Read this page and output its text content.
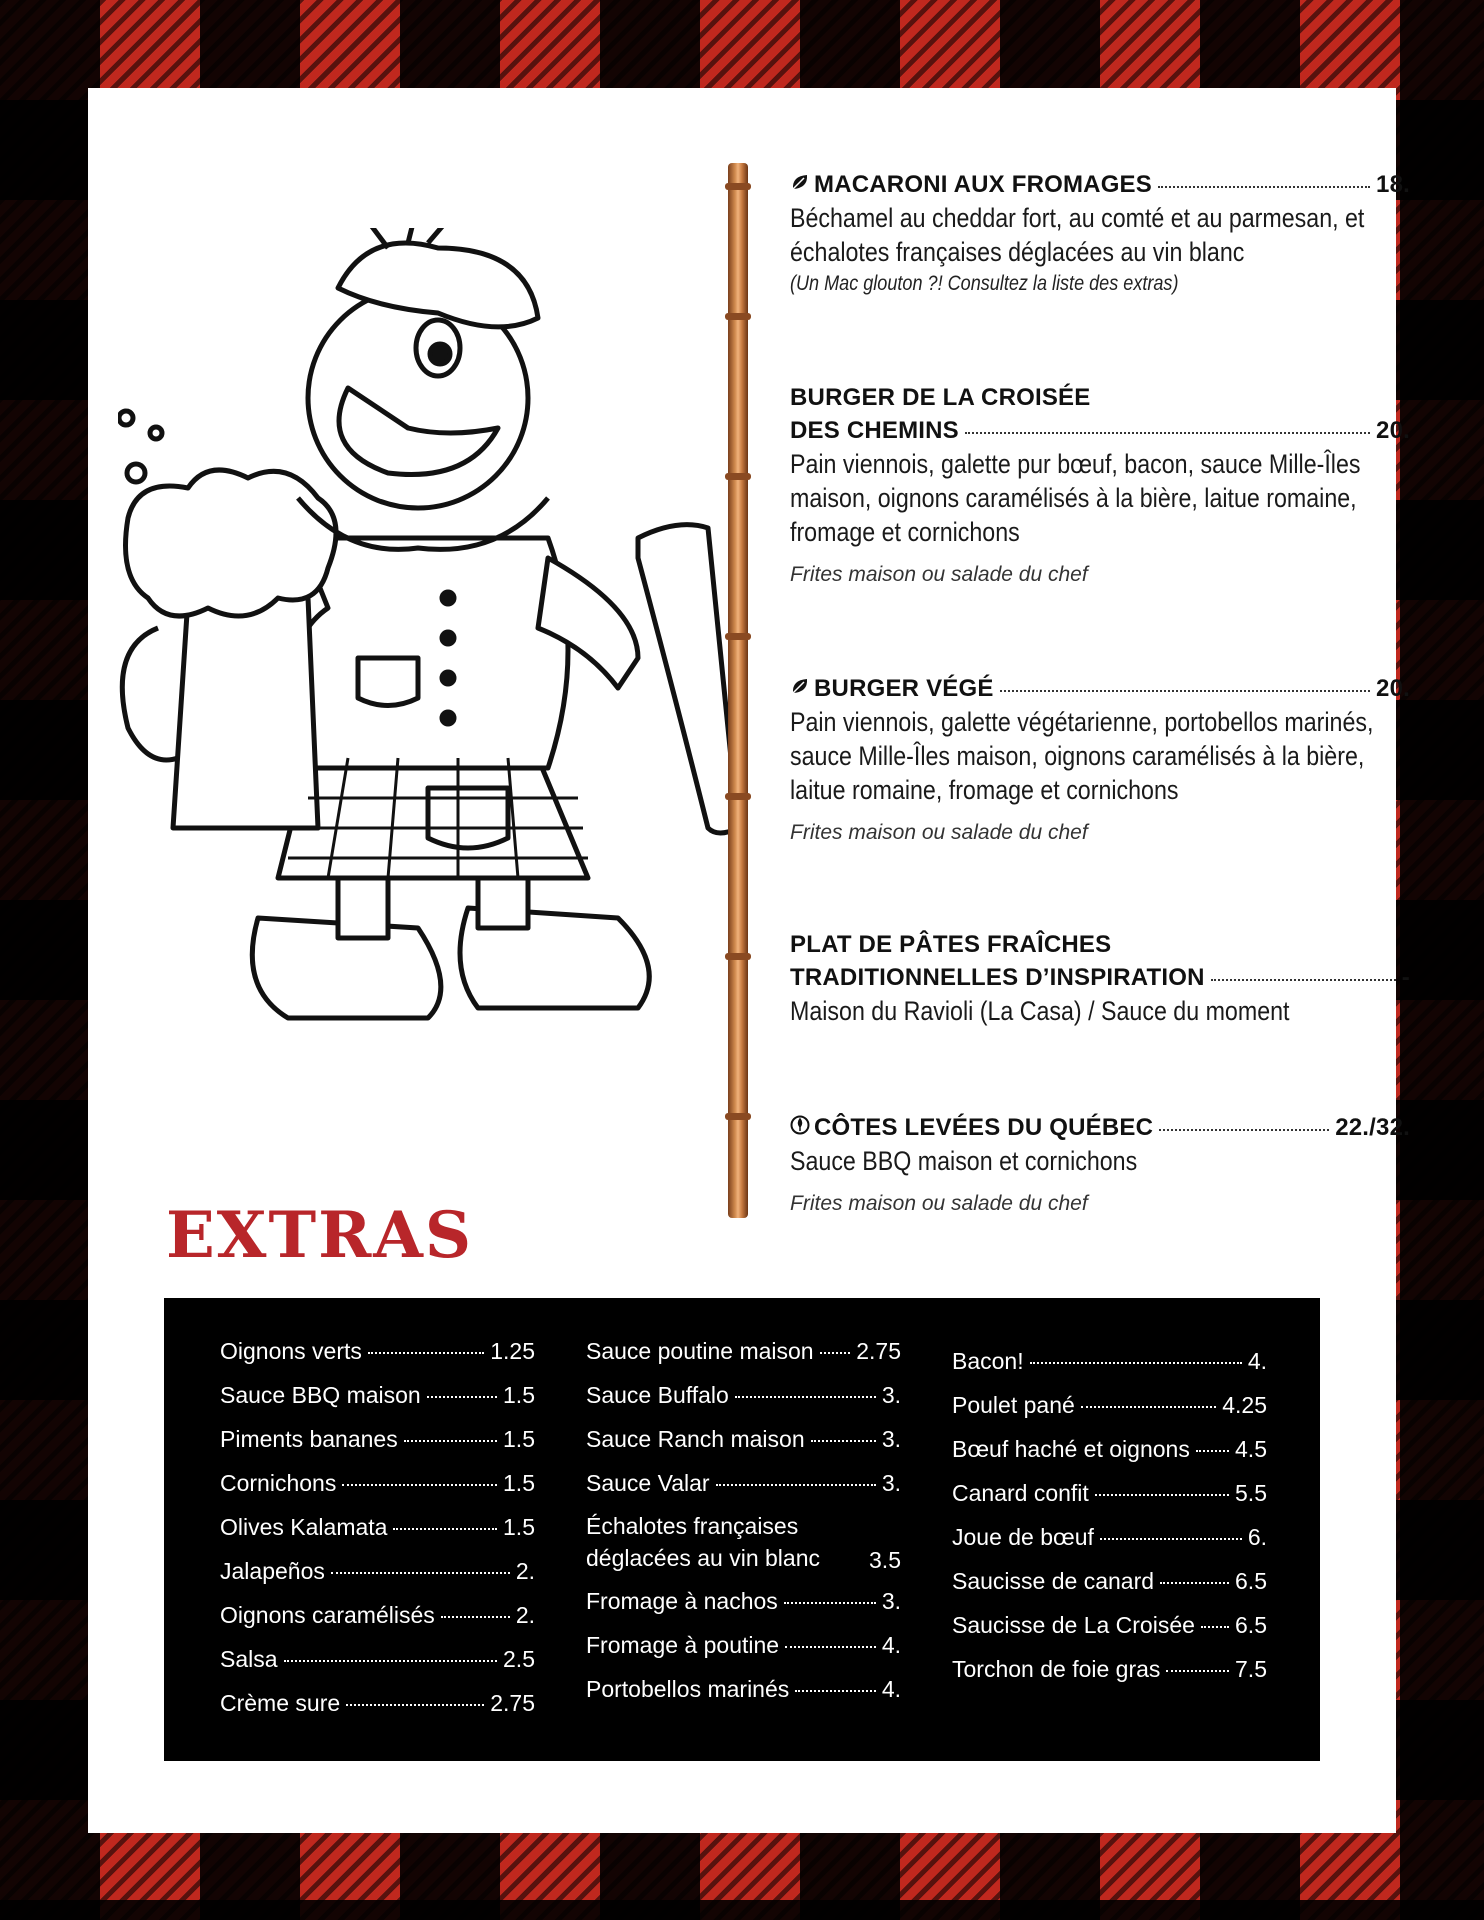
MACARONI AUX FROMAGES	18.
Béchamel au cheddar fort, au comté et au parmesan, et échalotes françaises déglacées au vin blanc
(Un Mac glouton ?! Consultez la liste des extras)
BURGER DE LA CROISÉE
DES CHEMINS	20.
Pain viennois, galette pur bœuf, bacon, sauce Mille-Îles maison, oignons caramélisés à la bière, laitue romaine, fromage et cornichons
Frites maison ou salade du chef
BURGER VÉGÉ	20.
Pain viennois, galette végétarienne, portobellos marinés, sauce Mille-Îles maison, oignons caramélisés à la bière, laitue romaine, fromage et cornichons
Frites maison ou salade du chef
PLAT DE PÂTES FRAÎCHES
TRADITIONNELLES D’INSPIRATION	-
Maison du Ravioli (La Casa) / Sauce du moment
CÔTES LEVÉES DU QUÉBEC	22./32.
Sauce BBQ maison et cornichons
Frites maison ou salade du chef
EXTRAS
Oignons verts	1.25
Sauce BBQ maison	1.5
Piments bananes	1.5
Cornichons	1.5
Olives Kalamata	1.5
Jalapeños	2.
Oignons caramélisés	2.
Salsa	2.5
Crème sure	2.75
Sauce poutine maison 2.75
Sauce Buffalo	3.
Sauce Ranch maison	3.
Sauce Valar	3.
Échalotes françaises déglacées au vin blanc	3.5
Fromage à nachos	3.
Fromage à poutine	4.
Portobellos marinés	4.
Bacon!	4.
Poulet pané	4.25
Bœuf haché et oignons 4.5
Canard confit	5.5
Joue de bœuf	6.
Saucisse de canard	6.5
Saucisse de La Croisée 6.5
Torchon de foie gras	7.5
